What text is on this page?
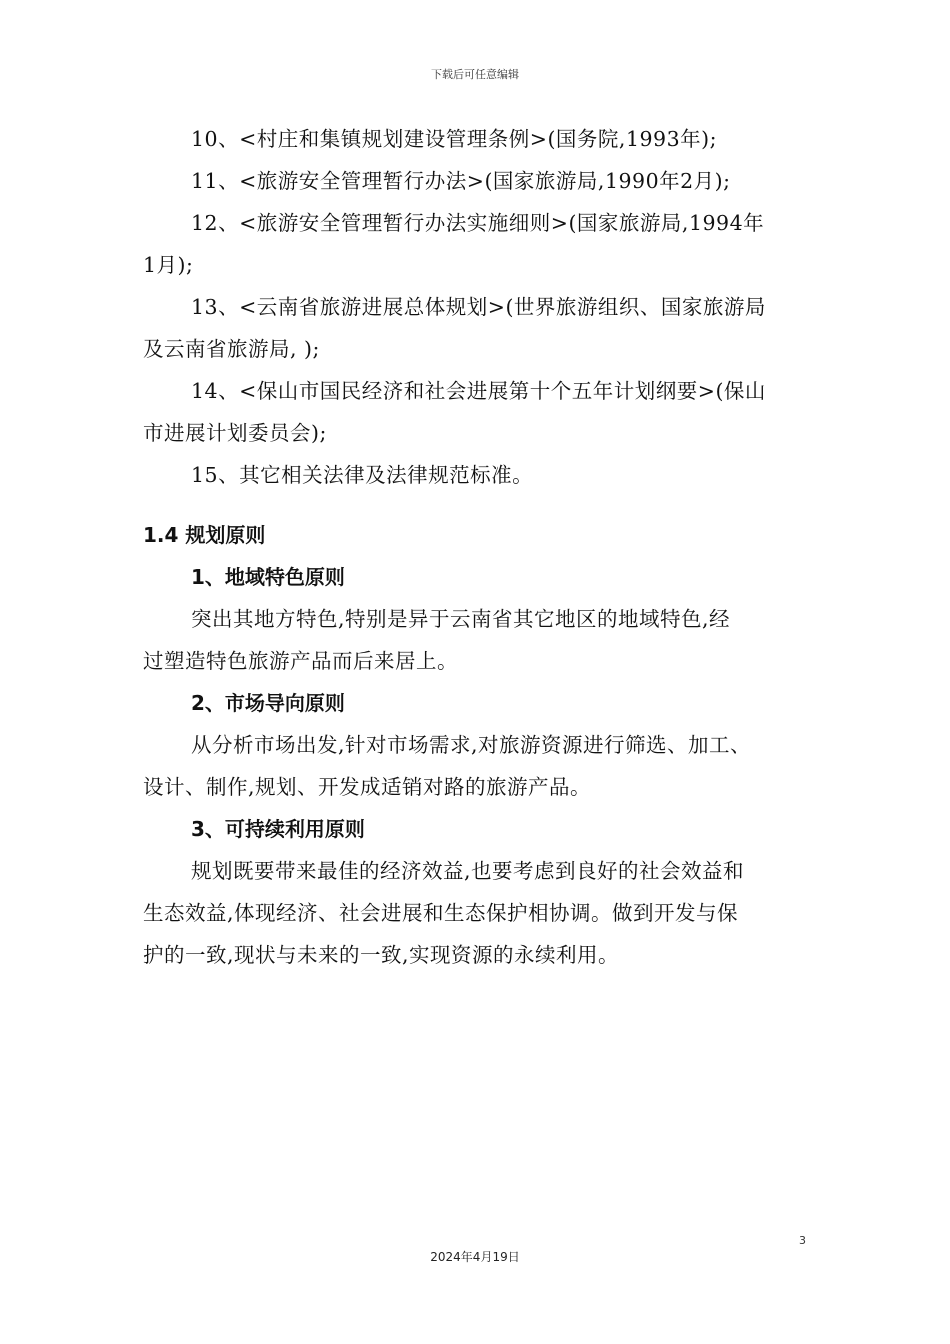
下载后可任意编辑
10、<村庄和集镇规划建设管理条例>(国务院,1993年);
11、<旅游安全管理暂行办法>(国家旅游局,1990年2月);
12、<旅游安全管理暂行办法实施细则>(国家旅游局,1994年
1月);
13、<云南省旅游进展总体规划>(世界旅游组织、国家旅游局
及云南省旅游局, );
14、<保山市国民经济和社会进展第十个五年计划纲要>(保山
市进展计划委员会);
15、其它相关法律及法律规范标准。
1.4 规划原则
1、地域特色原则
突出其地方特色,特别是异于云南省其它地区的地域特色,经
过塑造特色旅游产品而后来居上。
2、市场导向原则
从分析市场出发,针对市场需求,对旅游资源进行筛选、加工、
设计、制作,规划、开发成适销对路的旅游产品。
3、可持续利用原则
规划既要带来最佳的经济效益,也要考虑到良好的社会效益和
生态效益,体现经济、社会进展和生态保护相协调。做到开发与保
护的一致,现状与未来的一致,实现资源的永续利用。
3
2024年4月19日
